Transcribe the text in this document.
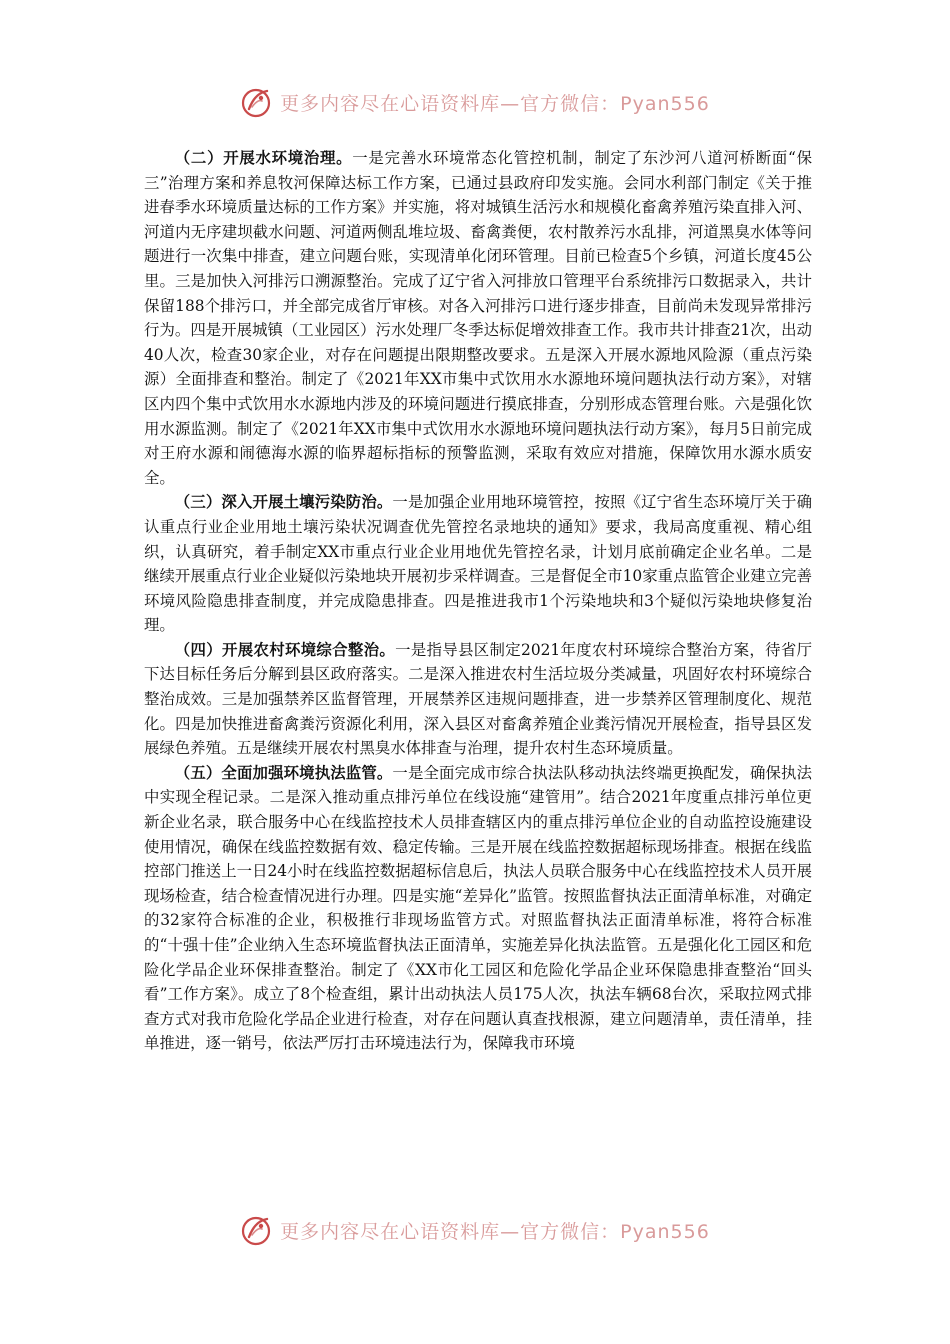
更多内容尽在心语资料库—官方微信：Pyan556

（二）开展水环境治理。一是完善水环境常态化管控机制，制定了东沙河八道河桥断面“保三”治理方案和养息牧河保障达标工作方案，已通过县政府印发实施。会同水利部门制定《关于推进春季水环境质量达标的工作方案》并实施，将对城镇生活污水和规模化畜禽养殖污染直排入河、河道内无序建坝截水问题、河道两侧乱堆垃圾、畜禽粪便，农村散养污水乱排，河道黑臭水体等问题进行一次集中排查，建立问题台账，实现清单化闭环管理。目前已检查5个乡镇，河道长度45公里。三是加快入河排污口溯源整治。完成了辽宁省入河排放口管理平台系统排污口数据录入，共计保留188个排污口，并全部完成省厅审核。对各入河排污口进行逐步排查，目前尚未发现异常排污行为。四是开展城镇（工业园区）污水处理厂冬季达标促增效排查工作。我市共计排查21次，出动40人次，检查30家企业，对存在问题提出限期整改要求。五是深入开展水源地风险源（重点污染源）全面排查和整治。制定了《2021年XX市集中式饮用水水源地环境问题执法行动方案》，对辖区内四个集中式饮用水水源地内涉及的环境问题进行摸底排查，分别形成态管理台账。六是强化饮用水源监测。制定了《2021年XX市集中式饮用水水源地环境问题执法行动方案》，每月5日前完成对王府水源和闹德海水源的临界超标指标的预警监测，采取有效应对措施，保障饮用水源水质安全。

（三）深入开展土壤污染防治。一是加强企业用地环境管控，按照《辽宁省生态环境厅关于确认重点行业企业用地土壤污染状况调查优先管控名录地块的通知》要求，我局高度重视、精心组织，认真研究，着手制定XX市重点行业企业用地优先管控名录，计划月底前确定企业名单。二是继续开展重点行业企业疑似污染地块开展初步采样调查。三是督促全市10家重点监管企业建立完善环境风险隐患排查制度，并完成隐患排查。四是推进我市1个污染地块和3个疑似污染地块修复治理。

（四）开展农村环境综合整治。一是指导县区制定2021年度农村环境综合整治方案，待省厅下达目标任务后分解到县区政府落实。二是深入推进农村生活垃圾分类减量，巩固好农村环境综合整治成效。三是加强禁养区监督管理，开展禁养区违规问题排查，进一步禁养区管理制度化、规范化。四是加快推进畜禽粪污资源化利用，深入县区对畜禽养殖企业粪污情况开展检查，指导县区发展绿色养殖。五是继续开展农村黑臭水体排查与治理，提升农村生态环境质量。

（五）全面加强环境执法监管。一是全面完成市综合执法队移动执法终端更换配发，确保执法中实现全程记录。二是深入推动重点排污单位在线设施“建管用”。结合2021年度重点排污单位更新企业名录，联合服务中心在线监控技术人员排查辖区内的重点排污单位企业的自动监控设施建设使用情况，确保在线监控数据有效、稳定传输。三是开展在线监控数据超标现场排查。根据在线监控部门推送上一日24小时在线监控数据超标信息后，执法人员联合服务中心在线监控技术人员开展现场检查，结合检查情况进行办理。四是实施“差异化”监管。按照监督执法正面清单标准，对确定的32家符合标准的企业，积极推行非现场监管方式。对照监督执法正面清单标准，将符合标准的“十强十佳”企业纳入生态环境监督执法正面清单，实施差异化执法监管。五是强化化工园区和危险化学品企业环保排查整治。制定了《XX市化工园区和危险化学品企业环保隐患排查整治“回头看”工作方案》。成立了8个检查组，累计出动执法人员175人次，执法车辆68台次，采取拉网式排查方式对我市危险化学品企业进行检查，对存在问题认真查找根源，建立问题清单，责任清单，挂单推进，逐一销号，依法严厉打击环境违法行为，保障我市环境

更多内容尽在心语资料库—官方微信：Pyan556
